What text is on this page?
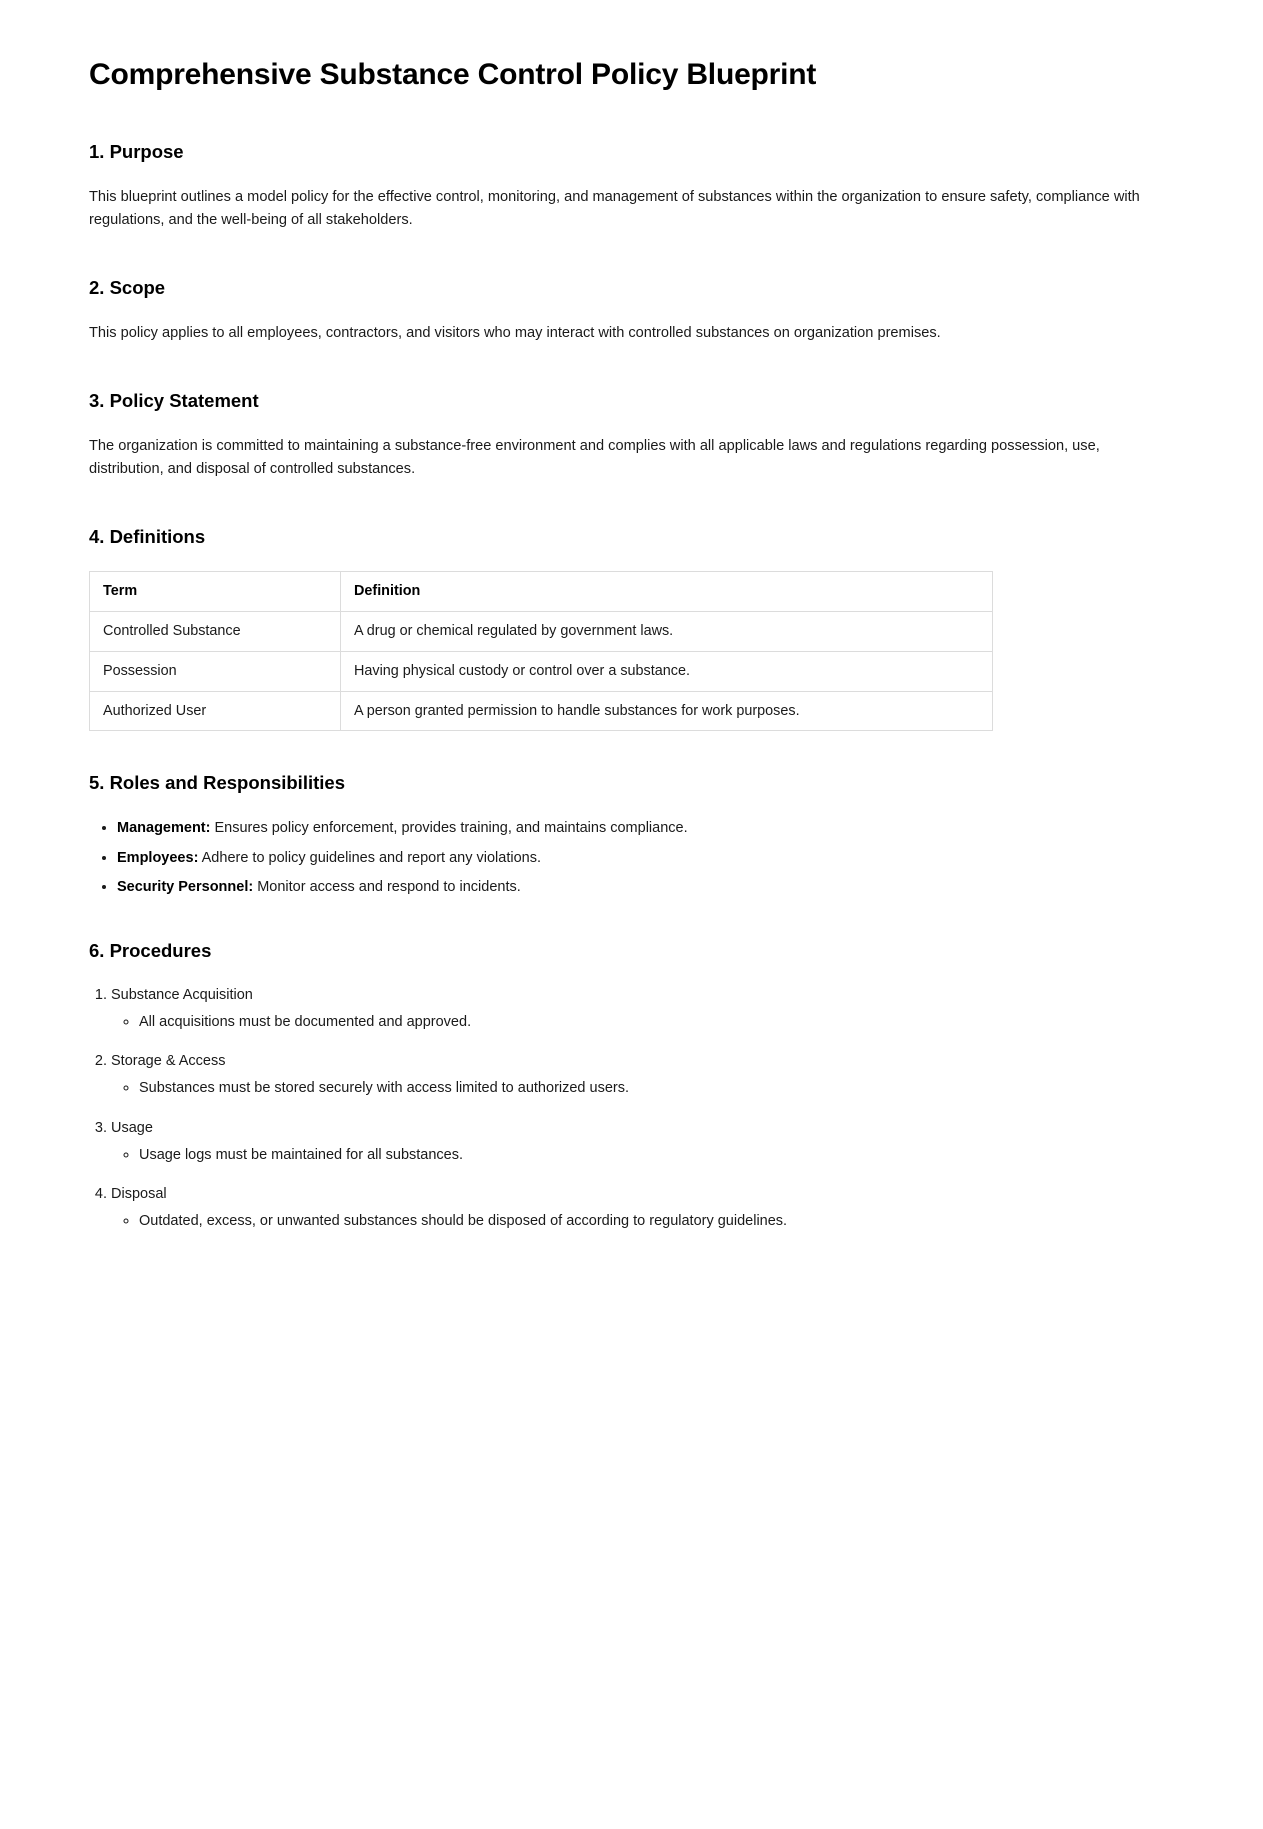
Comprehensive Substance Control Policy Blueprint
1. Purpose

This blueprint outlines a model policy for the effective control, monitoring, and management of substances within the organization to ensure safety, compliance with regulations, and the well-being of all stakeholders.

2. Scope

This policy applies to all employees, contractors, and visitors who may interact with controlled substances on organization premises.

3. Policy Statement

The organization is committed to maintaining a substance-free environment and complies with all applicable laws and regulations regarding possession, use, distribution, and disposal of controlled substances.

4. Definitions
Term	Definition
Controlled Substance	A drug or chemical regulated by government laws.
Possession	Having physical custody or control over a substance.
Authorized User	A person granted permission to handle substances for work purposes.
5. Roles and Responsibilities
• Management: Ensures policy enforcement, provides training, and maintains compliance.
• Employees: Adhere to policy guidelines and report any violations.
• Security Personnel: Monitor access and respond to incidents.
6. Procedures
1. Substance Acquisition
◦ All acquisitions must be documented and approved.
2. Storage & Access
◦ Substances must be stored securely with access limited to authorized users.
3. Usage
◦ Usage logs must be maintained for all substances.
4. Disposal
◦ Outdated, excess, or unwanted substances should be disposed of according to regulatory guidelines.
